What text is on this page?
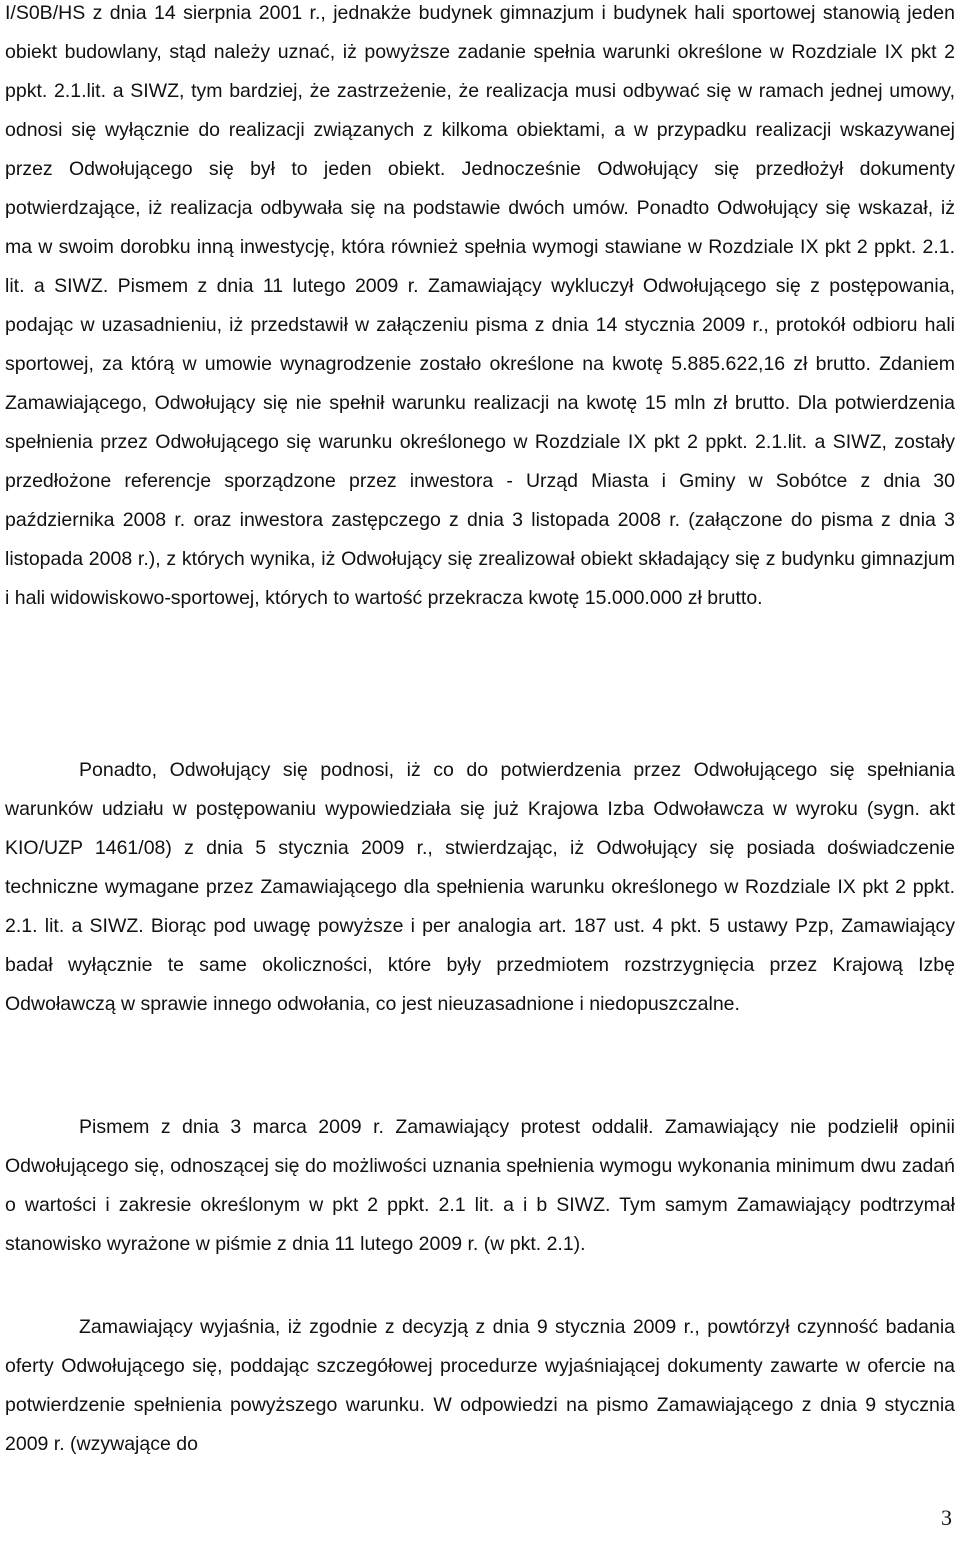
I/S0B/HS z dnia 14 sierpnia 2001 r., jednakże budynek gimnazjum i budynek hali sportowej stanowią jeden obiekt budowlany, stąd należy uznać, iż powyższe zadanie spełnia warunki określone w Rozdziale IX pkt 2 ppkt. 2.1.lit. a SIWZ, tym bardziej, że zastrzeżenie, że realizacja musi odbywać się w ramach jednej umowy, odnosi się wyłącznie do realizacji związanych z kilkoma obiektami, a w przypadku realizacji wskazywanej przez Odwołującego się był to jeden obiekt. Jednocześnie Odwołujący się przedłożył dokumenty potwierdzające, iż realizacja odbywała się na podstawie dwóch umów. Ponadto Odwołujący się wskazał, iż ma w swoim dorobku inną inwestycję, która również spełnia wymogi stawiane w Rozdziale IX pkt 2 ppkt. 2.1. lit. a SIWZ. Pismem z dnia 11 lutego 2009 r. Zamawiający wykluczył Odwołującego się z postępowania, podając w uzasadnieniu, iż przedstawił w załączeniu pisma z dnia 14 stycznia 2009 r., protokół odbioru hali sportowej, za którą w umowie wynagrodzenie zostało określone na kwotę 5.885.622,16 zł brutto. Zdaniem Zamawiającego, Odwołujący się nie spełnił warunku realizacji na kwotę 15 mln zł brutto. Dla potwierdzenia spełnienia przez Odwołującego się warunku określonego w Rozdziale IX pkt 2 ppkt. 2.1.lit. a SIWZ, zostały przedłożone referencje sporządzone przez inwestora - Urząd Miasta i Gminy w Sobótce z dnia 30 października 2008 r. oraz inwestora zastępczego z dnia 3 listopada 2008 r. (załączone do pisma z dnia 3 listopada 2008 r.), z których wynika, iż Odwołujący się zrealizował obiekt składający się z budynku gimnazjum i hali widowiskowo-sportowej, których to wartość przekracza kwotę 15.000.000 zł brutto.

Ponadto, Odwołujący się podnosi, iż co do potwierdzenia przez Odwołującego się spełniania warunków udziału w postępowaniu wypowiedziała się już Krajowa Izba Odwoławcza w wyroku (sygn. akt KIO/UZP 1461/08) z dnia 5 stycznia 2009 r., stwierdzając, iż Odwołujący się posiada doświadczenie techniczne wymagane przez Zamawiającego dla spełnienia warunku określonego w Rozdziale IX pkt 2 ppkt. 2.1. lit. a SIWZ. Biorąc pod uwagę powyższe i per analogia art. 187 ust. 4 pkt. 5 ustawy Pzp, Zamawiający badał wyłącznie te same okoliczności, które były przedmiotem rozstrzygnięcia przez Krajową Izbę Odwoławczą w sprawie innego odwołania, co jest nieuzasadnione i niedopuszczalne.

Pismem z dnia 3 marca 2009 r. Zamawiający protest oddalił. Zamawiający nie podzielił opinii Odwołującego się, odnoszącej się do możliwości uznania spełnienia wymogu wykonania minimum dwu zadań o wartości i zakresie określonym w pkt 2 ppkt. 2.1 lit. a i b SIWZ. Tym samym Zamawiający podtrzymał stanowisko wyrażone w piśmie z dnia 11 lutego 2009 r. (w pkt. 2.1).

Zamawiający wyjaśnia, iż zgodnie z decyzją z dnia 9 stycznia 2009 r., powtórzył czynność badania oferty Odwołującego się, poddając szczegółowej procedurze wyjaśniającej dokumenty zawarte w ofercie na potwierdzenie spełnienia powyższego warunku. W odpowiedzi na pismo Zamawiającego z dnia 9 stycznia 2009 r. (wzywające do

3
